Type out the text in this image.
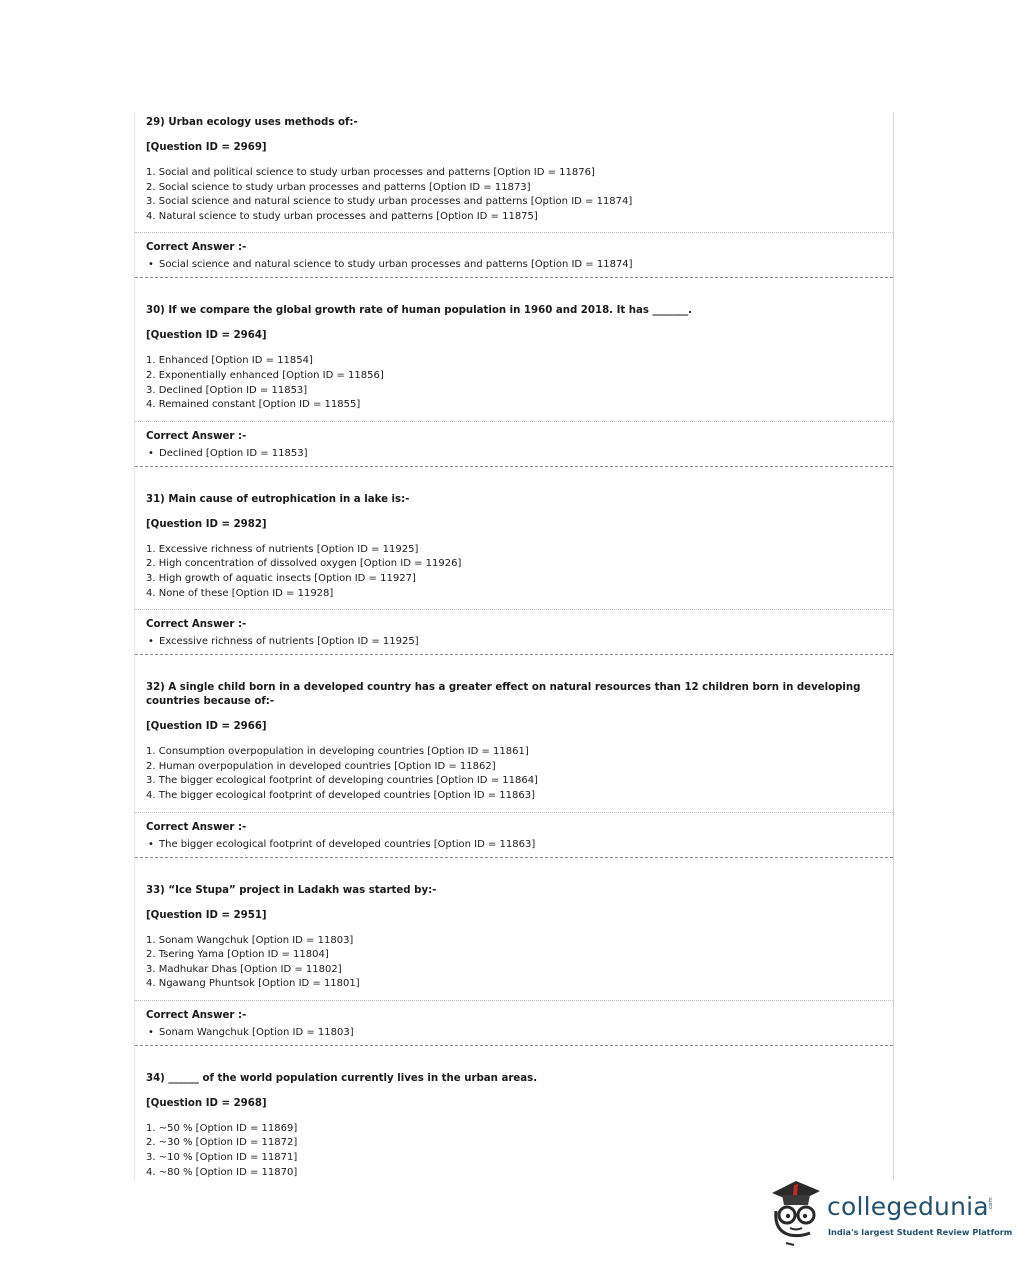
29) Urban ecology uses methods of:-
[Question ID = 2969]
1. Social and political science to study urban processes and patterns [Option ID = 11876]
2. Social science to study urban processes and patterns [Option ID = 11873]
3. Social science and natural science to study urban processes and patterns [Option ID = 11874]
4. Natural science to study urban processes and patterns [Option ID = 11875]
Correct Answer :-
• Social science and natural science to study urban processes and patterns [Option ID = 11874]
30) If we compare the global growth rate of human population in 1960 and 2018. It has _______.
[Question ID = 2964]
1. Enhanced [Option ID = 11854]
2. Exponentially enhanced [Option ID = 11856]
3. Declined [Option ID = 11853]
4. Remained constant [Option ID = 11855]
Correct Answer :-
• Declined [Option ID = 11853]
31) Main cause of eutrophication in a lake is:-
[Question ID = 2982]
1. Excessive richness of nutrients [Option ID = 11925]
2. High concentration of dissolved oxygen [Option ID = 11926]
3. High growth of aquatic insects [Option ID = 11927]
4. None of these [Option ID = 11928]
Correct Answer :-
• Excessive richness of nutrients [Option ID = 11925]
32) A single child born in a developed country has a greater effect on natural resources than 12 children born in developing countries because of:-
[Question ID = 2966]
1. Consumption overpopulation in developing countries [Option ID = 11861]
2. Human overpopulation in developed countries [Option ID = 11862]
3. The bigger ecological footprint of developing countries [Option ID = 11864]
4. The bigger ecological footprint of developed countries [Option ID = 11863]
Correct Answer :-
• The bigger ecological footprint of developed countries [Option ID = 11863]
33) “Ice Stupa” project in Ladakh was started by:-
[Question ID = 2951]
1. Sonam Wangchuk [Option ID = 11803]
2. Tsering Yama [Option ID = 11804]
3. Madhukar Dhas [Option ID = 11802]
4. Ngawang Phuntsok [Option ID = 11801]
Correct Answer :-
• Sonam Wangchuk [Option ID = 11803]
34) ______ of the world population currently lives in the urban areas.
[Question ID = 2968]
1. ~50 % [Option ID = 11869]
2. ~30 % [Option ID = 11872]
3. ~10 % [Option ID = 11871]
4. ~80 % [Option ID = 11870]
collegedunia
.com
India's largest Student Review Platform
